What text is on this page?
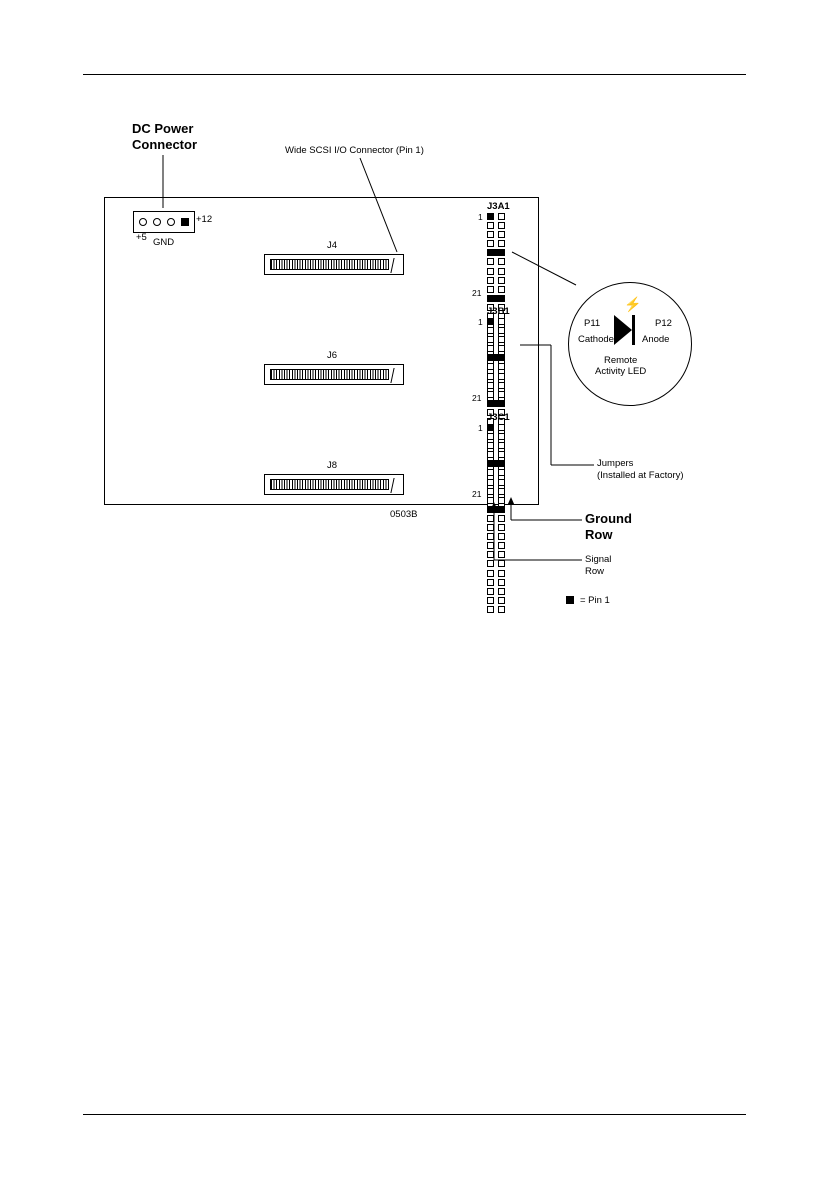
+5 GND
+12
DC Power
Connector	Wide SCSI I/O Connector (Pin 1)
J4
J6
J8
J3A1
1
21
J3B1
1
21
J3C1
1
21
0503B
⚡
P11	P12
Cathode	Anode
Remote
Activity LED
Jumpers
(Installed at Factory)
Ground
Row
Signal
Row
= Pin 1
